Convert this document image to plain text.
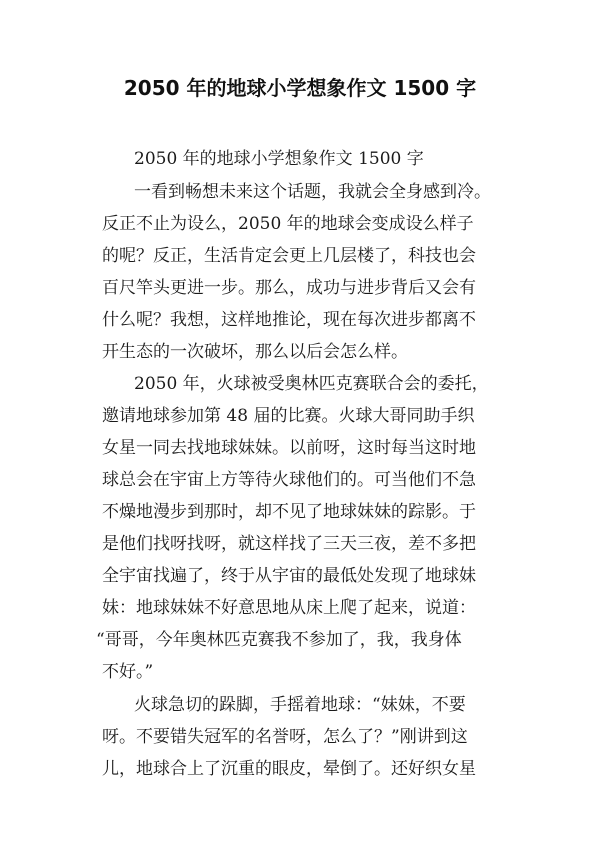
2050 年的地球小学想象作文 1500 字
2050 年的地球小学想象作文 1500 字
一看到畅想未来这个话题，我就会全身感到冷。
反正不止为设么，2050 年的地球会变成设么样子
的呢？反正，生活肯定会更上几层楼了，科技也会
百尺竿头更进一步。那么，成功与进步背后又会有
什么呢？我想，这样地推论，现在每次进步都离不
开生态的一次破坏，那么以后会怎么样。
2050 年，火球被受奥林匹克赛联合会的委托，
邀请地球参加第 48 届的比赛。火球大哥同助手织
女星一同去找地球妹妹。以前呀，这时每当这时地
球总会在宇宙上方等待火球他们的。可当他们不急
不燥地漫步到那时，却不见了地球妹妹的踪影。于
是他们找呀找呀，就这样找了三天三夜，差不多把
全宇宙找遍了，终于从宇宙的最低处发现了地球妹
妹：地球妹妹不好意思地从床上爬了起来，说道：
“哥哥，今年奥林匹克赛我不参加了，我，我身体
不好。”
火球急切的跺脚，手摇着地球：“妹妹，不要
呀。不要错失冠军的名誉呀，怎么了？”刚讲到这
儿，地球合上了沉重的眼皮，晕倒了。还好织女星
